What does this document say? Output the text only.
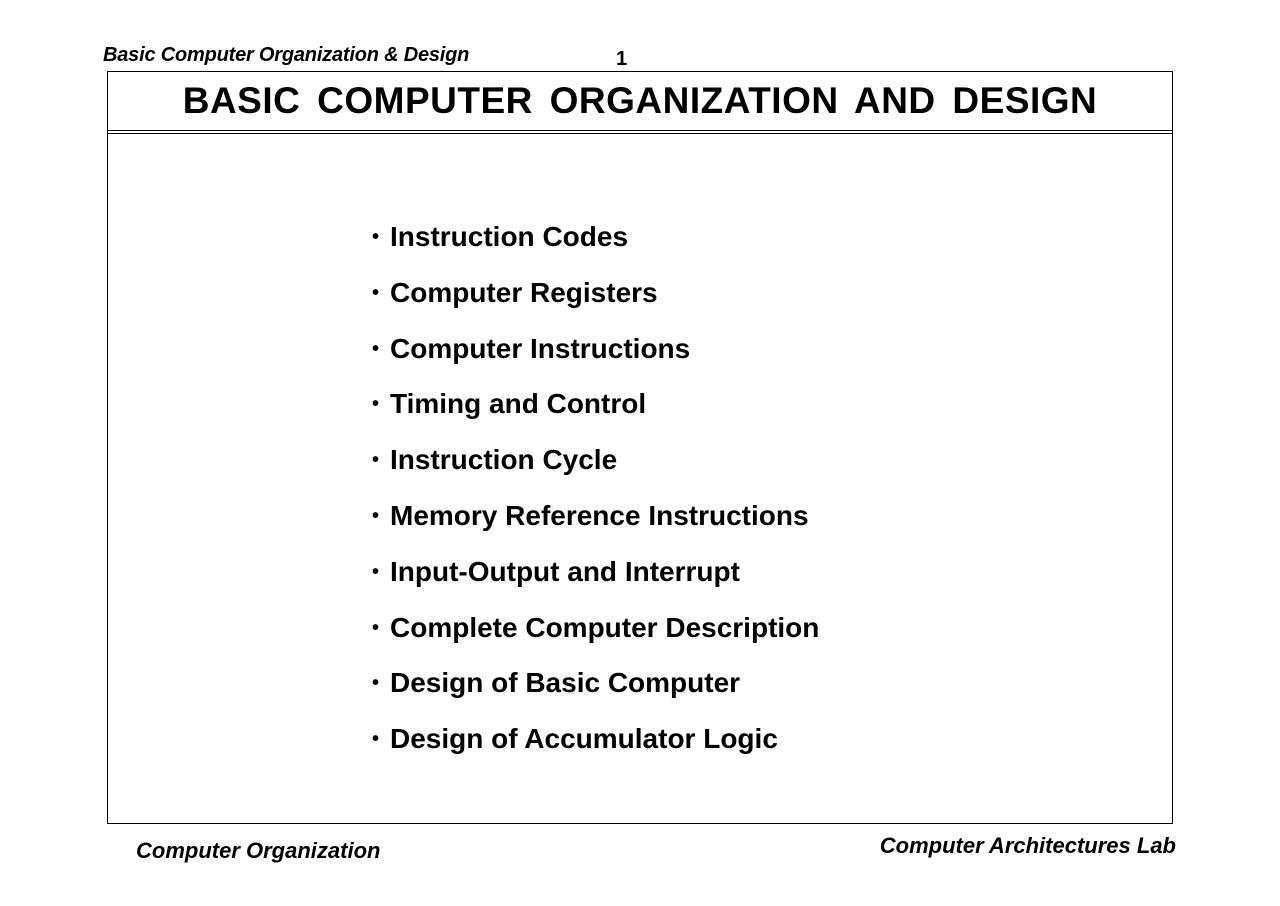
Basic Computer Organization & Design	1
BASIC COMPUTER ORGANIZATION AND DESIGN
• Instruction Codes
• Computer Registers
• Computer Instructions
• Timing and Control
• Instruction Cycle
• Memory Reference Instructions
• Input-Output and Interrupt
• Complete Computer Description
• Design of Basic Computer
• Design of Accumulator Logic
Computer Organization	Computer Architectures Lab
